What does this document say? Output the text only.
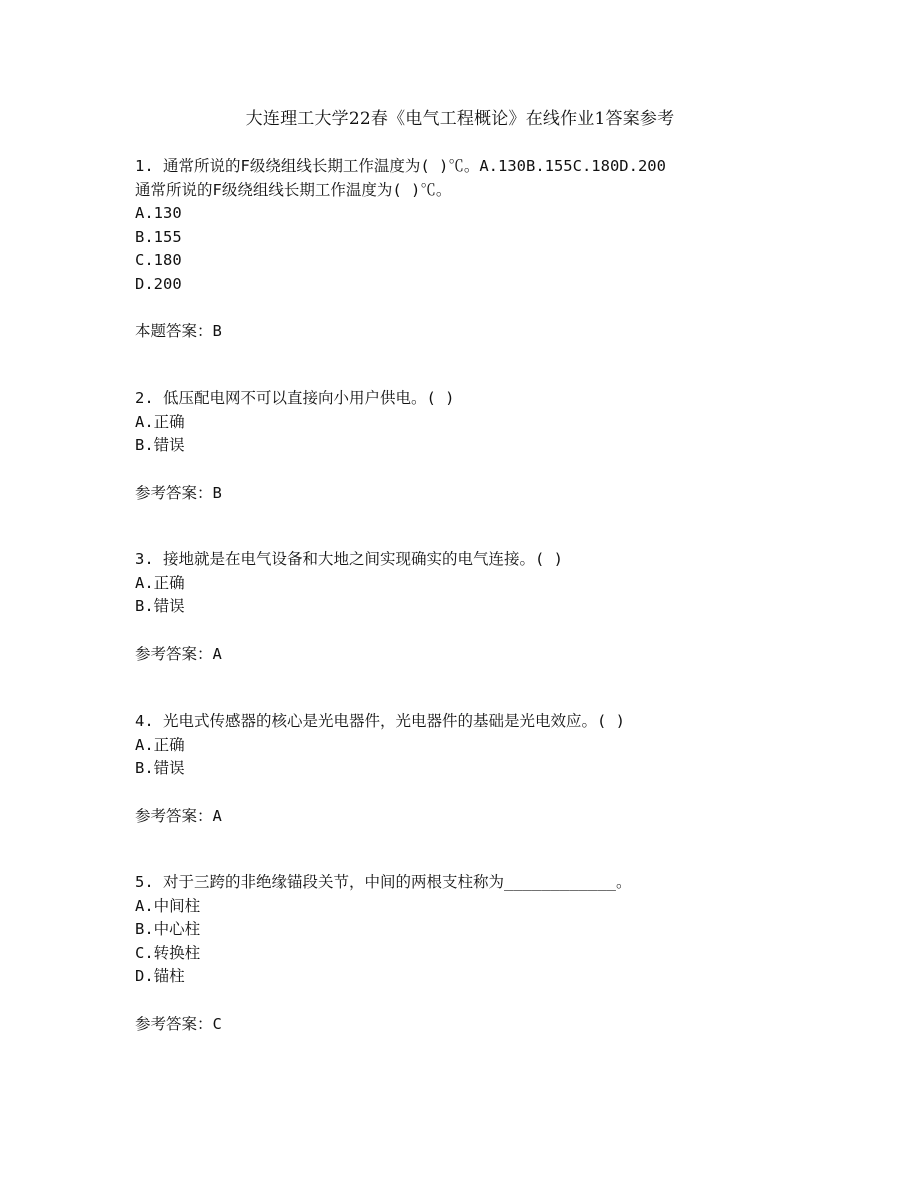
大连理工大学22春《电气工程概论》在线作业1答案参考
1. 通常所说的F级绕组线长期工作温度为( )℃。A.130B.155C.180D.200
通常所说的F级绕组线长期工作温度为( )℃。
A.130
B.155
C.180
D.200
本题答案：B
2. 低压配电网不可以直接向小用户供电。( )
A.正确
B.错误
参考答案：B
3. 接地就是在电气设备和大地之间实现确实的电气连接。( )
A.正确
B.错误
参考答案：A
4. 光电式传感器的核心是光电器件，光电器件的基础是光电效应。( )
A.正确
B.错误
参考答案：A
5. 对于三跨的非绝缘锚段关节，中间的两根支柱称为____________。
A.中间柱
B.中心柱
C.转换柱
D.锚柱
参考答案：C
